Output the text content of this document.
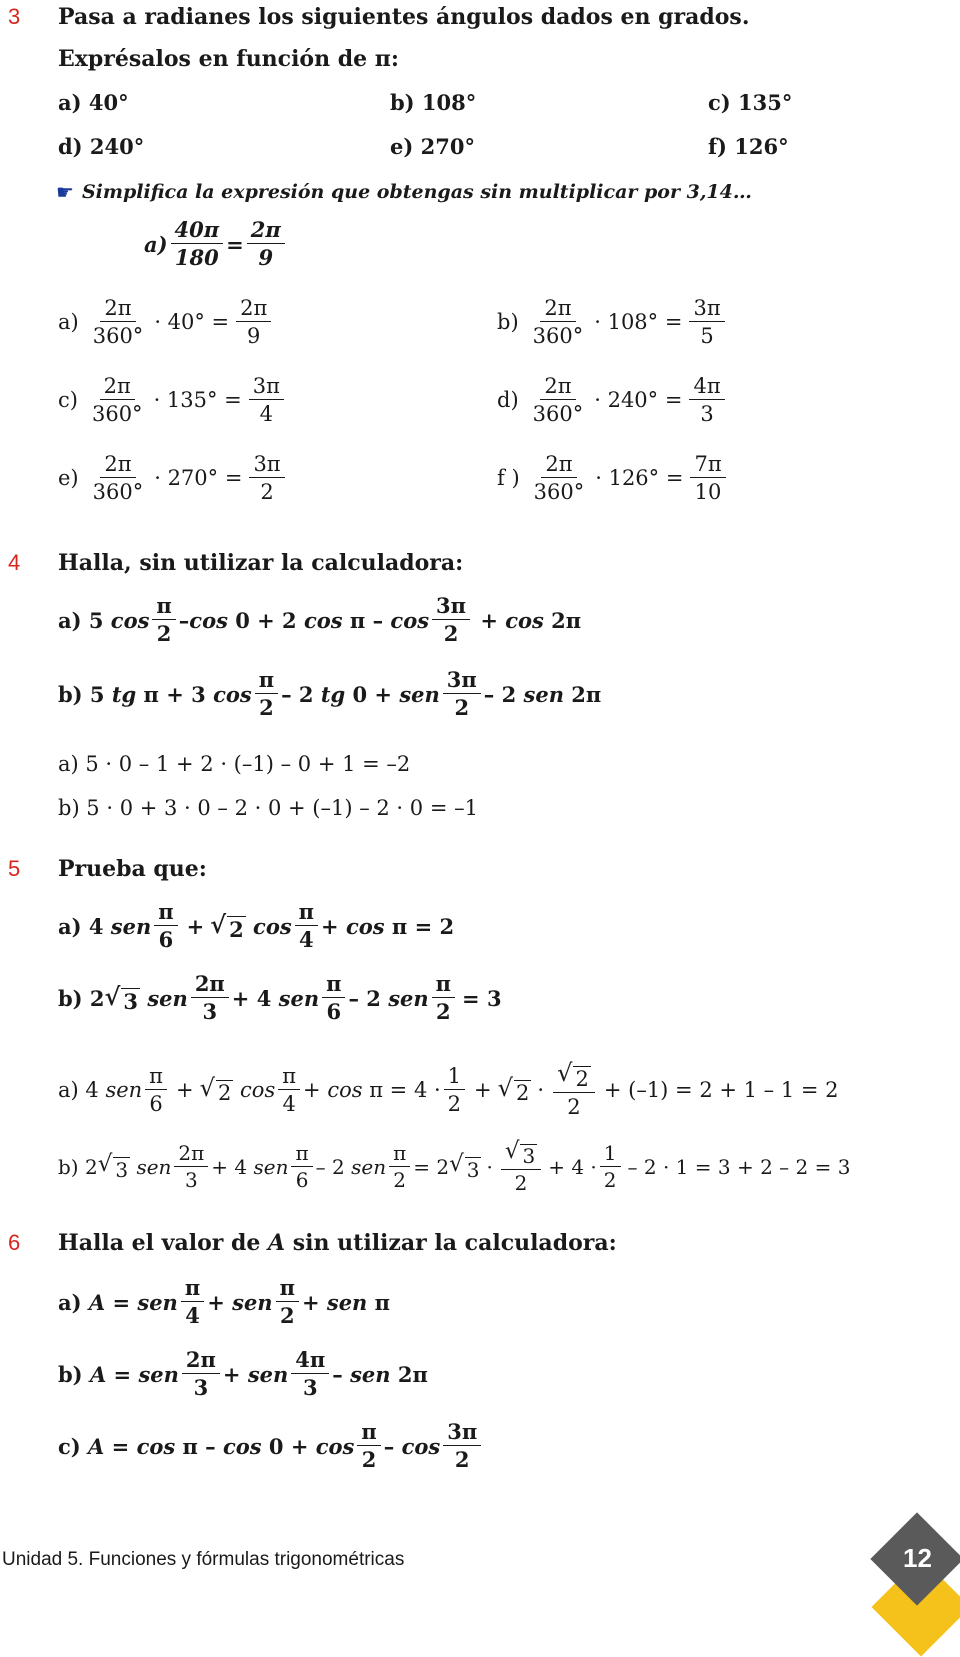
3 Pasa a radianes los siguientes ángulos dados en grados.
Exprésalos en función de π:
a) 40°	b) 108°	c) 135°
d) 240°	e) 270°	f) 126°
☛ Simplifica la expresión que obtengas sin multiplicar por 3,14…
$a) \frac{40\pi}{180} = \frac{2\pi}{9}$
$a) \frac{2\pi}{360^\circ} \cdot 40^\circ = \frac{2\pi}{9}$	$b) \frac{2\pi}{360^\circ} \cdot 108^\circ = \frac{3\pi}{5}$
$c) \frac{2\pi}{360^\circ} \cdot 135^\circ = \frac{3\pi}{4}$	$d) \frac{2\pi}{360^\circ} \cdot 240^\circ = \frac{4\pi}{3}$
$e) \frac{2\pi}{360^\circ} \cdot 270^\circ = \frac{3\pi}{2}$	f ) $\frac{2\pi}{360^\circ} \cdot 126^\circ = \frac{7\pi}{10}$
4 Halla, sin utilizar la calculadora:
a) 5
$\cos \frac{\pi}{2} - \cos 0 + 2$ $\cos \pi - \cos \frac{3\pi}{2} + \cos 2\pi$
b) 5 tg π + 3 $\cos \frac{\pi}{2} - 2$ tg 0 + sen $\frac{3\pi}{2} - 2$ sen 2π
a) 5 · 0 – 1 + 2 · (–1) – 0 + 1 = –2
b) 5 · 0 + 3 · 0 – 2 · 0 + (–1) – 2 · 0 = –1
5 Prueba que:
a) 4 sen $\frac{\pi}{6}$ + √ 2
$\cos \frac{\pi}{4} + \cos \pi = 2$
b) 2 √ 3
sen $\frac{2\pi}{3} + 4$ sen $\frac{\pi}{6} - 2$ sen $\frac{\pi}{2} = 3$
a) 4 sen $\frac{\pi}{6}$ + √ 2
$\cos \frac{\pi}{4} + \cos \pi = 4 \cdot \frac{1}{2}$ + √ $2 \cdot \frac{√ 2}{2} + (-1) = 2 + 1 - 1 = 2$
b) 2 √ 3
sen $\frac{2\pi}{3} + 4$ sen $\frac{\pi}{6} - 2$ sen $\frac{\pi}{2} = 2$ √ $3 \cdot \frac{√ 3}{2} + 4 \cdot \frac{1}{2} - 2 \cdot 1 = 3 + 2 - 2 = 3$
6 Halla el valor de A sin utilizar la calculadora:
a) A = sen $\frac{\pi}{4}$ + sen $\frac{\pi}{2}$ + sen π
b) A = sen $\frac{2\pi}{3}$ + sen $\frac{4\pi}{3}$ – sen 2π
c) $A = \cos \pi - \cos 0 + \cos \frac{\pi}{2} - \cos \frac{3\pi}{2}$
Unidad 5. Funciones y fórmulas trigonométricas	12
